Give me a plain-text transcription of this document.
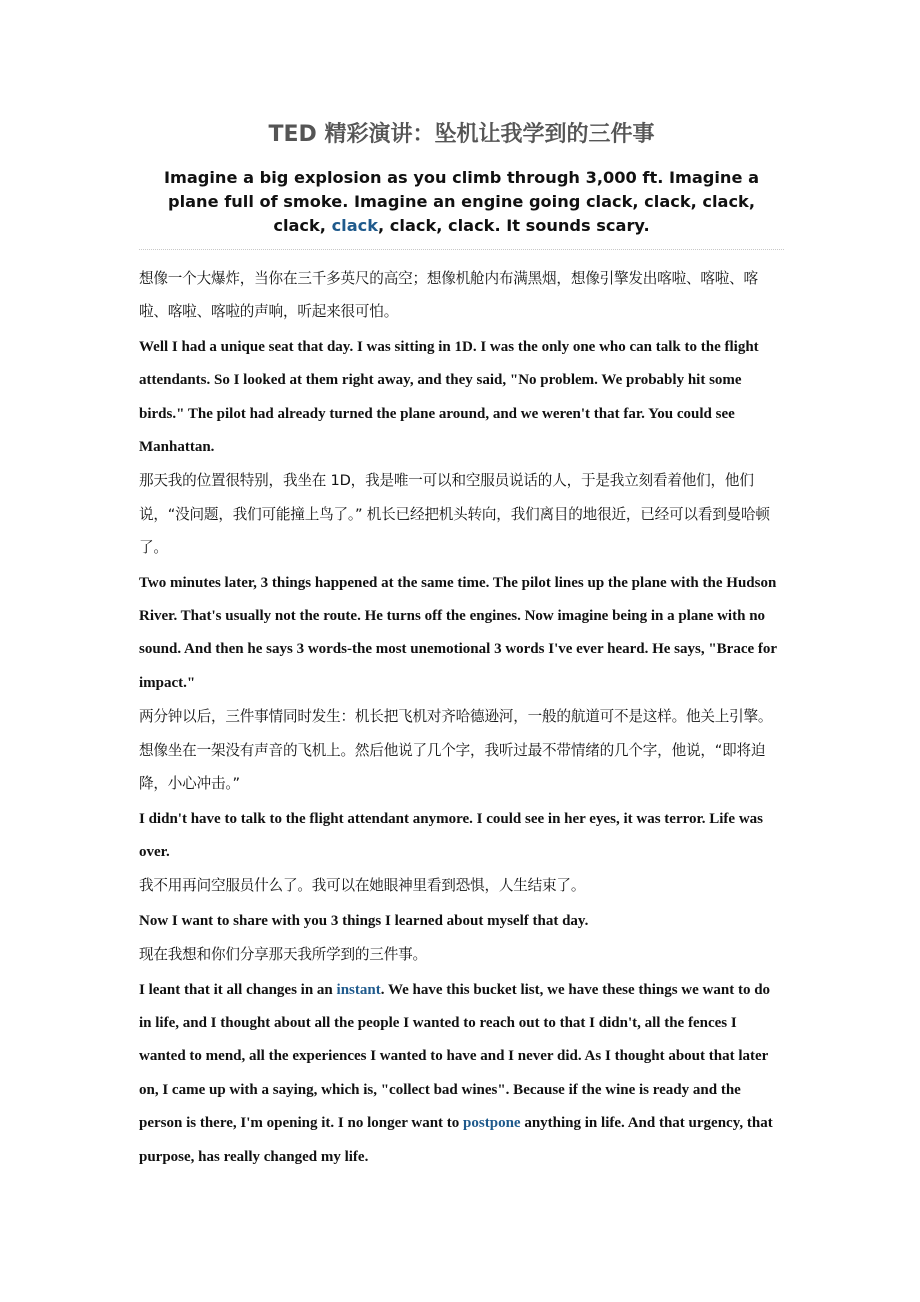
TED 精彩演讲：坠机让我学到的三件事

Imagine a big explosion as you climb through 3,000 ft. Imagine a plane full of smoke. Imagine an engine going clack, clack, clack, clack, clack, clack, clack. It sounds scary.

想像一个大爆炸，当你在三千多英尺的高空；想像机舱内布满黑烟，想像引擎发出喀啦、喀啦、喀啦、喀啦、喀啦的声响，听起来很可怕。

Well I had a unique seat that day. I was sitting in 1D. I was the only one who can talk to the flight attendants. So I looked at them right away, and they said, "No problem. We probably hit some birds." The pilot had already turned the plane around, and we weren't that far. You could see Manhattan.

那天我的位置很特别，我坐在 1D，我是唯一可以和空服员说话的人，于是我立刻看着他们，他们说，“没问题，我们可能撞上鸟了。” 机长已经把机头转向，我们离目的地很近，已经可以看到曼哈顿了。

Two minutes later, 3 things happened at the same time. The pilot lines up the plane with the Hudson River. That's usually not the route. He turns off the engines. Now imagine being in a plane with no sound. And then he says 3 words-the most unemotional 3 words I've ever heard. He says, "Brace for impact."

两分钟以后，三件事情同时发生：机长把飞机对齐哈德逊河，一般的航道可不是这样。他关上引擎。想像坐在一架没有声音的飞机上。然后他说了几个字，我听过最不带情绪的几个字，他说，“即将迫降，小心冲击。”

I didn't have to talk to the flight attendant anymore. I could see in her eyes, it was terror. Life was over.

我不用再问空服员什么了。我可以在她眼神里看到恐惧，人生结束了。

Now I want to share with you 3 things I learned about myself that day.

现在我想和你们分享那天我所学到的三件事。

I leant that it all changes in an instant. We have this bucket list, we have these things we want to do in life, and I thought about all the people I wanted to reach out to that I didn't, all the fences I wanted to mend, all the experiences I wanted to have and I never did. As I thought about that later on, I came up with a saying, which is, "collect bad wines". Because if the wine is ready and the person is there, I'm opening it. I no longer want to postpone anything in life. And that urgency, that purpose, has really changed my life.
